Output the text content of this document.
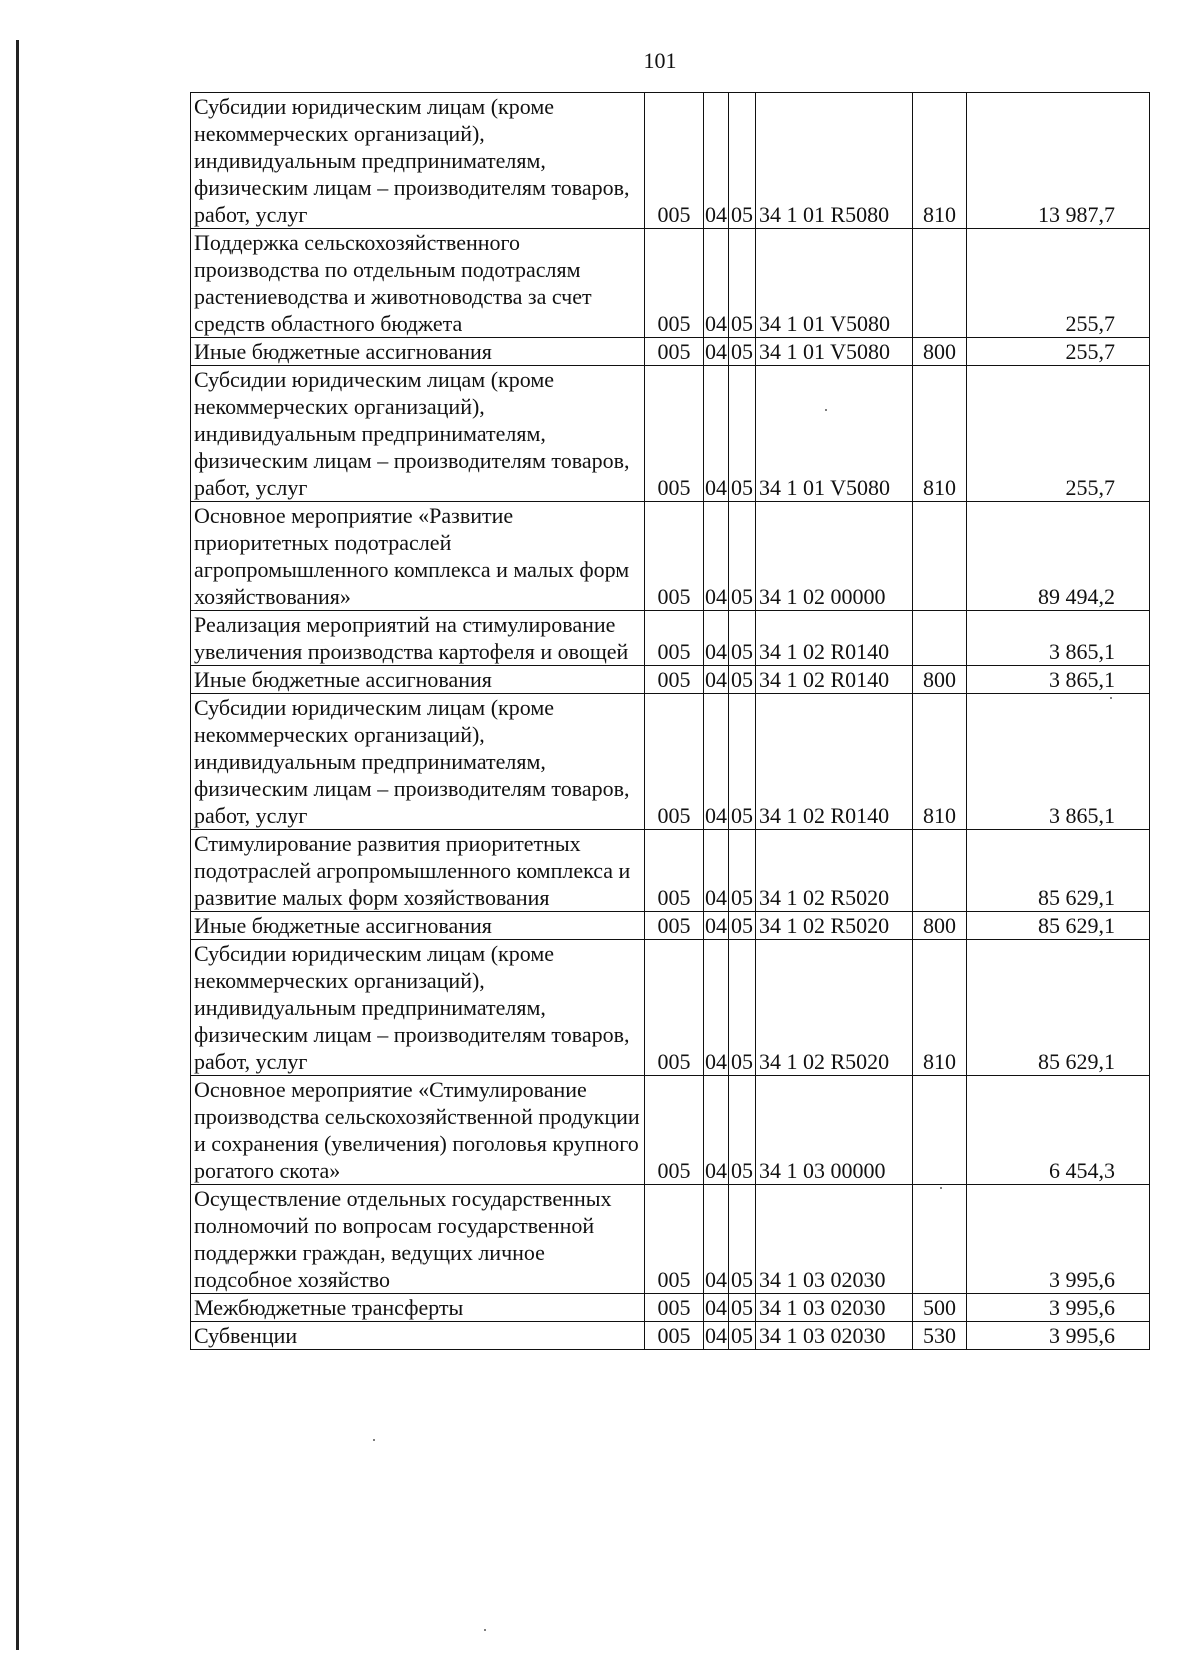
101
Субсидии юридическим лицам (кроме некоммерческих организаций), индивидуальным предпринимателям, физическим лицам – производителям товаров, работ, услуг	005	04	05	34 1 01 R5080	810	13 987,7
Поддержка сельскохозяйственного производства по отдельным подотраслям растениеводства и животноводства за счет средств областного бюджета	005	04	05	34 1 01 V5080		255,7
Иные бюджетные ассигнования	005	04	05	34 1 01 V5080	800	255,7
Субсидии юридическим лицам (кроме некоммерческих организаций), индивидуальным предпринимателям, физическим лицам – производителям товаров, работ, услуг	005	04	05	34 1 01 V5080	810	255,7
Основное мероприятие «Развитие приоритетных подотраслей агропромышленного комплекса и малых форм хозяйствования»	005	04	05	34 1 02 00000		89 494,2
Реализация мероприятий на стимулирование увеличения производства картофеля и овощей	005	04	05	34 1 02 R0140		3 865,1
Иные бюджетные ассигнования	005	04	05	34 1 02 R0140	800	3 865,1
Субсидии юридическим лицам (кроме некоммерческих организаций), индивидуальным предпринимателям, физическим лицам – производителям товаров, работ, услуг	005	04	05	34 1 02 R0140	810	3 865,1
Стимулирование развития приоритетных подотраслей агропромышленного комплекса и развитие малых форм хозяйствования	005	04	05	34 1 02 R5020		85 629,1
Иные бюджетные ассигнования	005	04	05	34 1 02 R5020	800	85 629,1
Субсидии юридическим лицам (кроме некоммерческих организаций), индивидуальным предпринимателям, физическим лицам – производителям товаров, работ, услуг	005	04	05	34 1 02 R5020	810	85 629,1
Основное мероприятие «Стимулирование производства сельскохозяйственной продукции и сохранения (увеличения) поголовья крупного рогатого скота»	005	04	05	34 1 03 00000		6 454,3
Осуществление отдельных государственных полномочий по вопросам государственной поддержки граждан, ведущих личное подсобное хозяйство	005	04	05	34 1 03 02030		3 995,6
Межбюджетные трансферты	005	04	05	34 1 03 02030	500	3 995,6
Субвенции	005	04	05	34 1 03 02030	530	3 995,6
